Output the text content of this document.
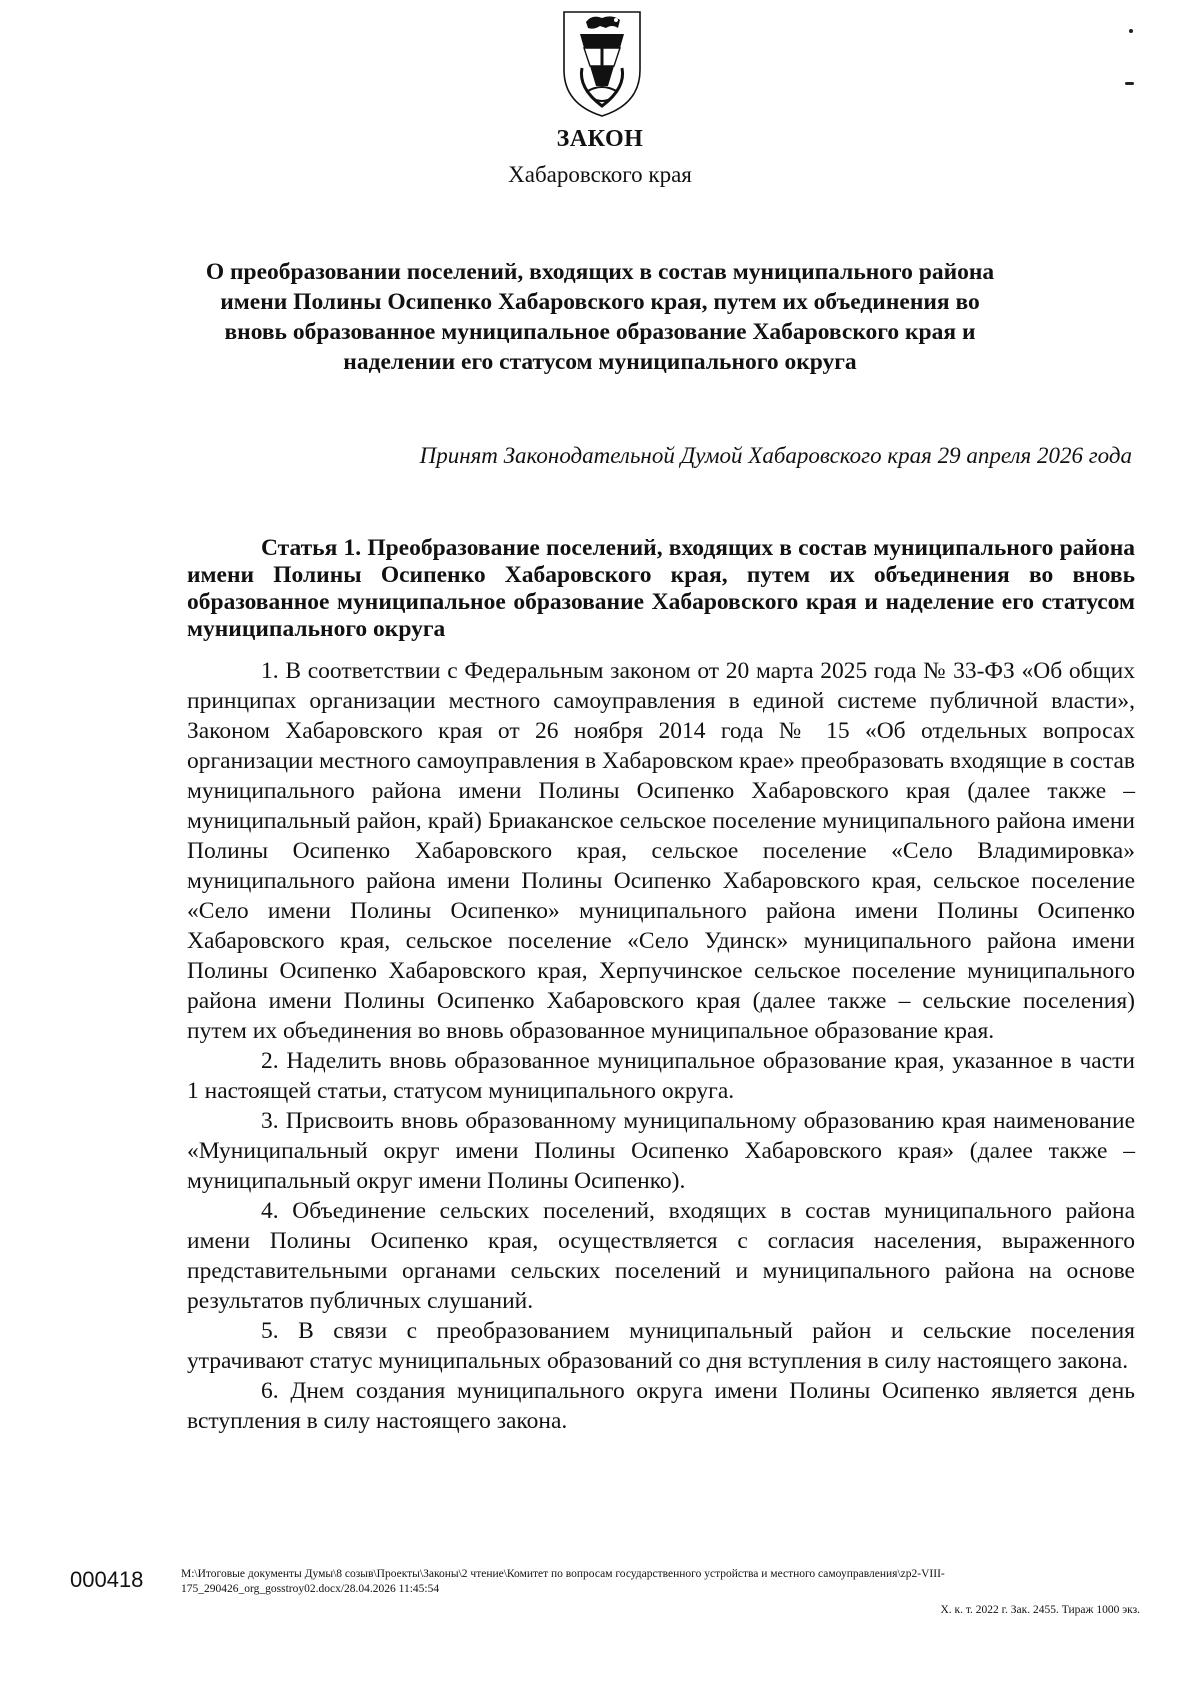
ЗАКОН
Хабаровского края
О преобразовании поселений, входящих в состав муниципального района имени Полины Осипенко Хабаровского края, путем их объединения во вновь образованное муниципальное образование Хабаровского края и наделении его статусом муниципального округа
Принят Законодательной Думой Хабаровского края 29 апреля 2026 года
Статья 1. Преобразование поселений, входящих в состав муниципального района имени Полины Осипенко Хабаровского края, путем их объединения во вновь образованное муниципальное образование Хабаровского края и наделение его статусом муниципального округа

1. В соответствии с Федеральным законом от 20 марта 2025 года № 33-ФЗ «Об общих принципах организации местного самоуправления в единой системе публичной власти», Законом Хабаровского края от 26 ноября 2014 года № 15 «Об отдельных вопросах организации местного самоуправления в Хабаровском крае» преобразовать входящие в состав муниципального района имени Полины Осипенко Хабаровского края (далее также – муниципальный район, край) Бриаканское сельское поселение муниципального района имени Полины Осипенко Хабаровского края, сельское поселение «Село Владимировка» муниципального района имени Полины Осипенко Хабаровского края, сельское поселение «Село имени Полины Осипенко» муниципального района имени Полины Осипенко Хабаровского края, сельское поселение «Село Удинск» муниципального района имени Полины Осипенко Хабаровского края, Херпучинское сельское поселение муниципального района имени Полины Осипенко Хабаровского края (далее также – сельские поселения) путем их объединения во вновь образованное муниципальное образование края.

2. Наделить вновь образованное муниципальное образование края, указанное в части 1 настоящей статьи, статусом муниципального округа.

3. Присвоить вновь образованному муниципальному образованию края наименование «Муниципальный округ имени Полины Осипенко Хабаровского края» (далее также – муниципальный округ имени Полины Осипенко).

4. Объединение сельских поселений, входящих в состав муниципального района имени Полины Осипенко края, осуществляется с согласия населения, выраженного представительными органами сельских поселений и муниципального района на основе результатов публичных слушаний.

5. В связи с преобразованием муниципальный район и сельские поселения утрачивают статус муниципальных образований со дня вступления в силу настоящего закона.

6. Днем создания муниципального округа имени Полины Осипенко является день вступления в силу настоящего закона.

000418	M:\Итоговые документы Думы\8 созыв\Проекты\Законы\2 чтение\Комитет по вопросам государственного устройства и местного самоуправления\zp2-VIII-175_290426_org_gosstroy02.docx/28.04.2026 11:45:54
Х. к. т. 2022 г. Зак. 2455. Тираж 1000 экз.
